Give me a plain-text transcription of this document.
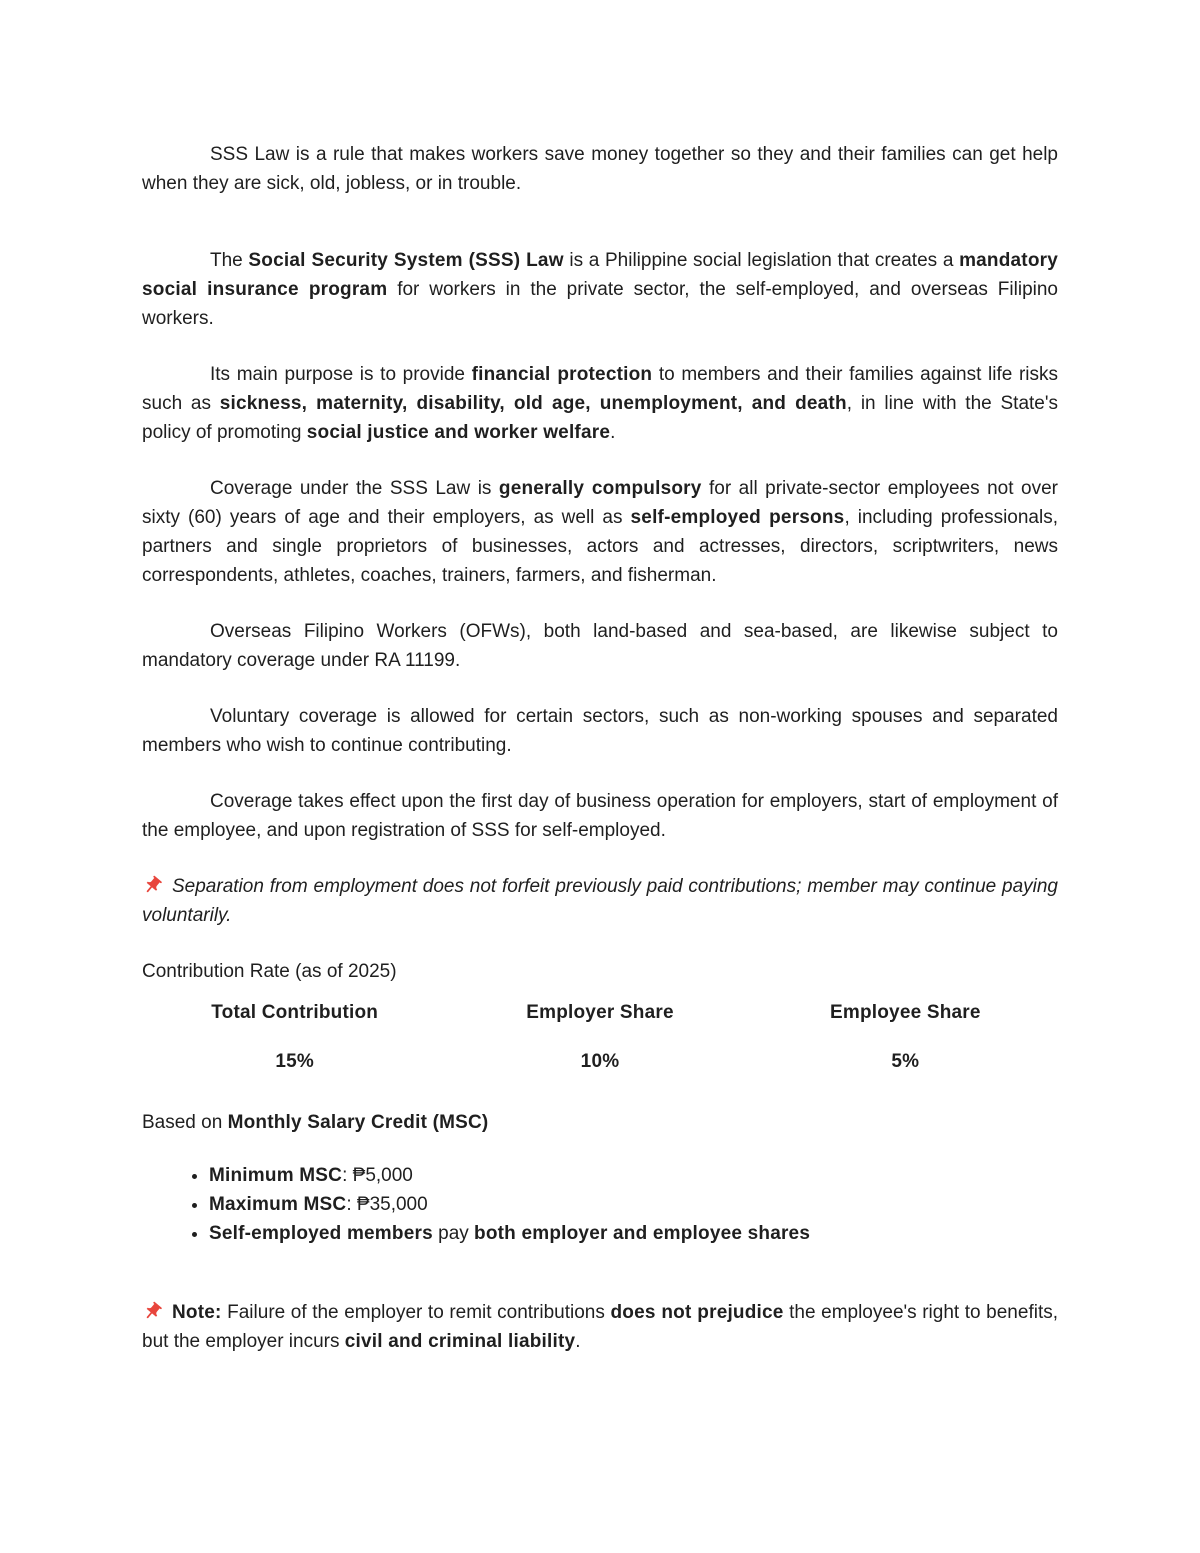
SSS Law is a rule that makes workers save money together so they and their families can get help when they are sick, old, jobless, or in trouble.

The Social Security System (SSS) Law is a Philippine social legislation that creates a mandatory social insurance program for workers in the private sector, the self-employed, and overseas Filipino workers.

Its main purpose is to provide financial protection to members and their families against life risks such as sickness, maternity, disability, old age, unemployment, and death, in line with the State's policy of promoting social justice and worker welfare.

Coverage under the SSS Law is generally compulsory for all private-sector employees not over sixty (60) years of age and their employers, as well as self-employed persons, including professionals, partners and single proprietors of businesses, actors and actresses, directors, scriptwriters, news correspondents, athletes, coaches, trainers, farmers, and fisherman.

Overseas Filipino Workers (OFWs), both land-based and sea-based, are likewise subject to mandatory coverage under RA 11199.

Voluntary coverage is allowed for certain sectors, such as non-working spouses and separated members who wish to continue contributing.

Coverage takes effect upon the first day of business operation for employers, start of employment of the employee, and upon registration of SSS for self-employed.

Separation from employment does not forfeit previously paid contributions; member may continue paying voluntarily.

Contribution Rate (as of 2025)

Total Contribution	Employer Share	Employee Share
15%	10%	5%

Based on Monthly Salary Credit (MSC)

• Minimum MSC: ₱5,000
• Maximum MSC: ₱35,000
• Self-employed members pay both employer and employee shares

Note: Failure of the employer to remit contributions does not prejudice the employee's right to benefits, but the employer incurs civil and criminal liability.
